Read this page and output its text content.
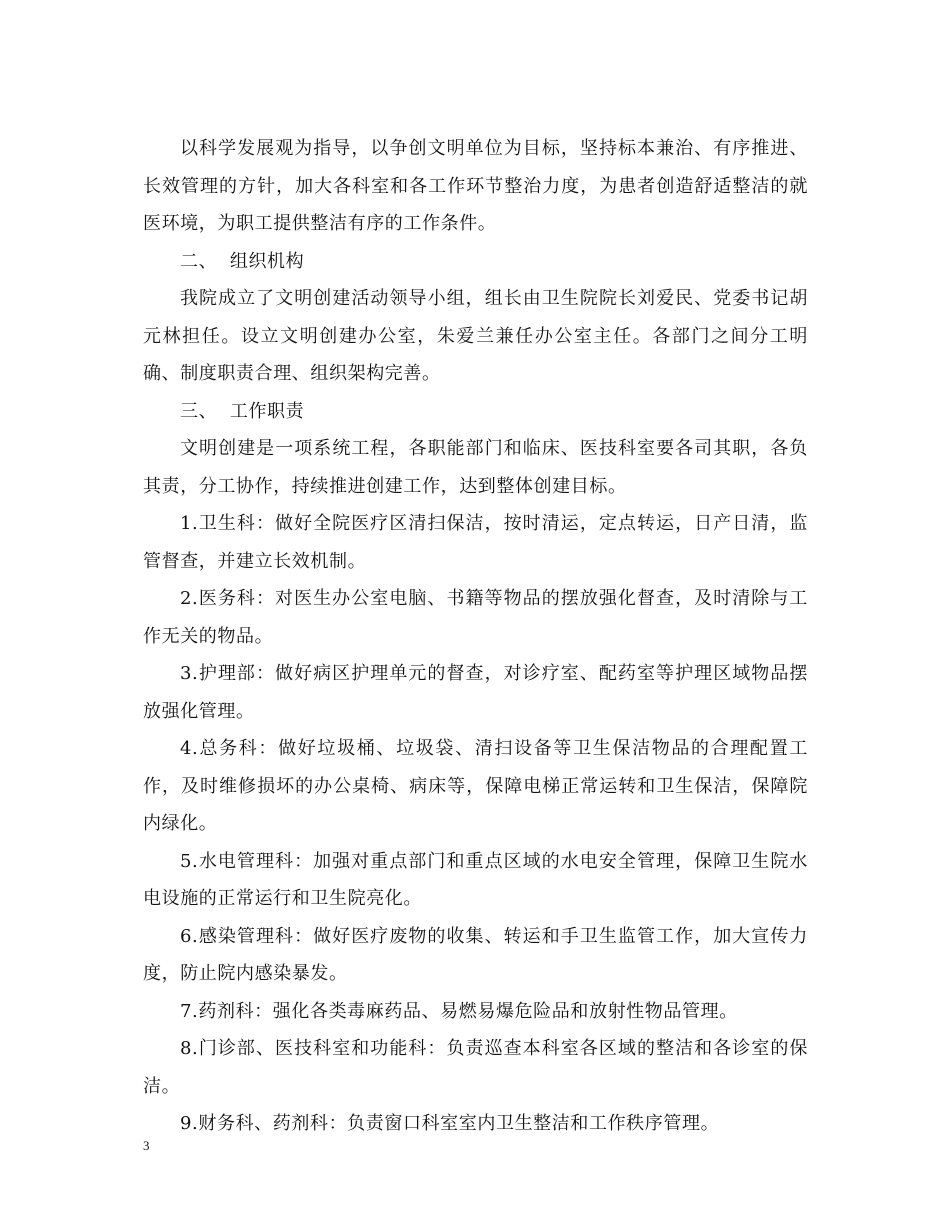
以科学发展观为指导，以争创文明单位为目标，坚持标本兼治、有序推进、长效管理的方针，加大各科室和各工作环节整治力度，为患者创造舒适整洁的就医环境，为职工提供整洁有序的工作条件。

二、  组织机构

我院成立了文明创建活动领导小组，组长由卫生院院长刘爱民、党委书记胡元林担任。设立文明创建办公室，朱爱兰兼任办公室主任。各部门之间分工明确、制度职责合理、组织架构完善。

三、  工作职责

文明创建是一项系统工程，各职能部门和临床、医技科室要各司其职，各负其责，分工协作，持续推进创建工作，达到整体创建目标。

1.卫生科：做好全院医疗区清扫保洁，按时清运，定点转运，日产日清，监管督查，并建立长效机制。

2.医务科：对医生办公室电脑、书籍等物品的摆放强化督查，及时清除与工作无关的物品。

3.护理部：做好病区护理单元的督查，对诊疗室、配药室等护理区域物品摆放强化管理。

4.总务科：做好垃圾桶、垃圾袋、清扫设备等卫生保洁物品的合理配置工作，及时维修损坏的办公桌椅、病床等，保障电梯正常运转和卫生保洁，保障院内绿化。

5.水电管理科：加强对重点部门和重点区域的水电安全管理，保障卫生院水电设施的正常运行和卫生院亮化。

6.感染管理科：做好医疗废物的收集、转运和手卫生监管工作，加大宣传力度，防止院内感染暴发。

7.药剂科：强化各类毒麻药品、易燃易爆危险品和放射性物品管理。

8.门诊部、医技科室和功能科：负责巡查本科室各区域的整洁和各诊室的保洁。

9.财务科、药剂科：负责窗口科室室内卫生整洁和工作秩序管理。

3
